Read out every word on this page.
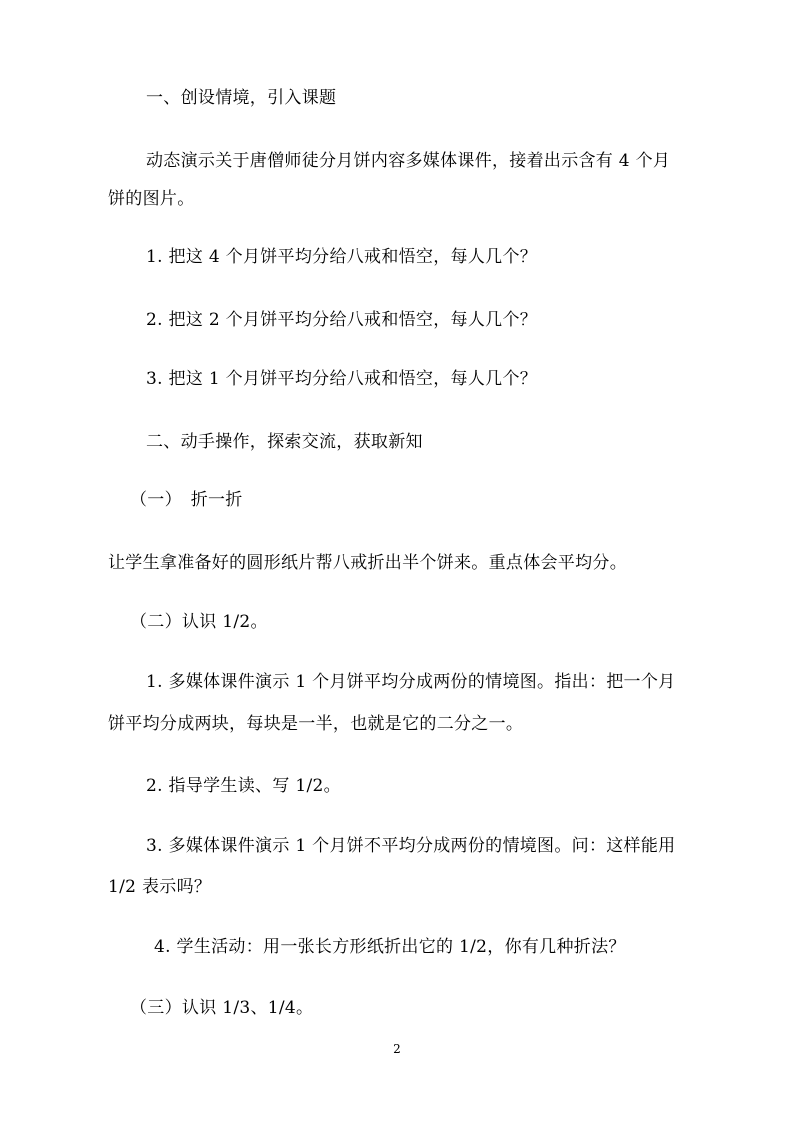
一、创设情境，引入课题
动态演示关于唐僧师徒分月饼内容多媒体课件，接着出示含有 4 个月
饼的图片。
1. 把这 4 个月饼平均分给八戒和悟空，每人几个？
2. 把这 2 个月饼平均分给八戒和悟空，每人几个？
3. 把这 1 个月饼平均分给八戒和悟空，每人几个？
二、动手操作，探索交流，获取新知
（一）　折一折
让学生拿准备好的圆形纸片帮八戒折出半个饼来。重点体会平均分。
（二）认识 1/2。
1. 多媒体课件演示 1 个月饼平均分成两份的情境图。指出：把一个月
饼平均分成两块，每块是一半，也就是它的二分之一。
2. 指导学生读、写 1/2。
3. 多媒体课件演示 1 个月饼不平均分成两份的情境图。问：这样能用
1/2 表示吗？
4. 学生活动：用一张长方形纸折出它的 1/2，你有几种折法？
（三）认识 1/3、1/4。
2
